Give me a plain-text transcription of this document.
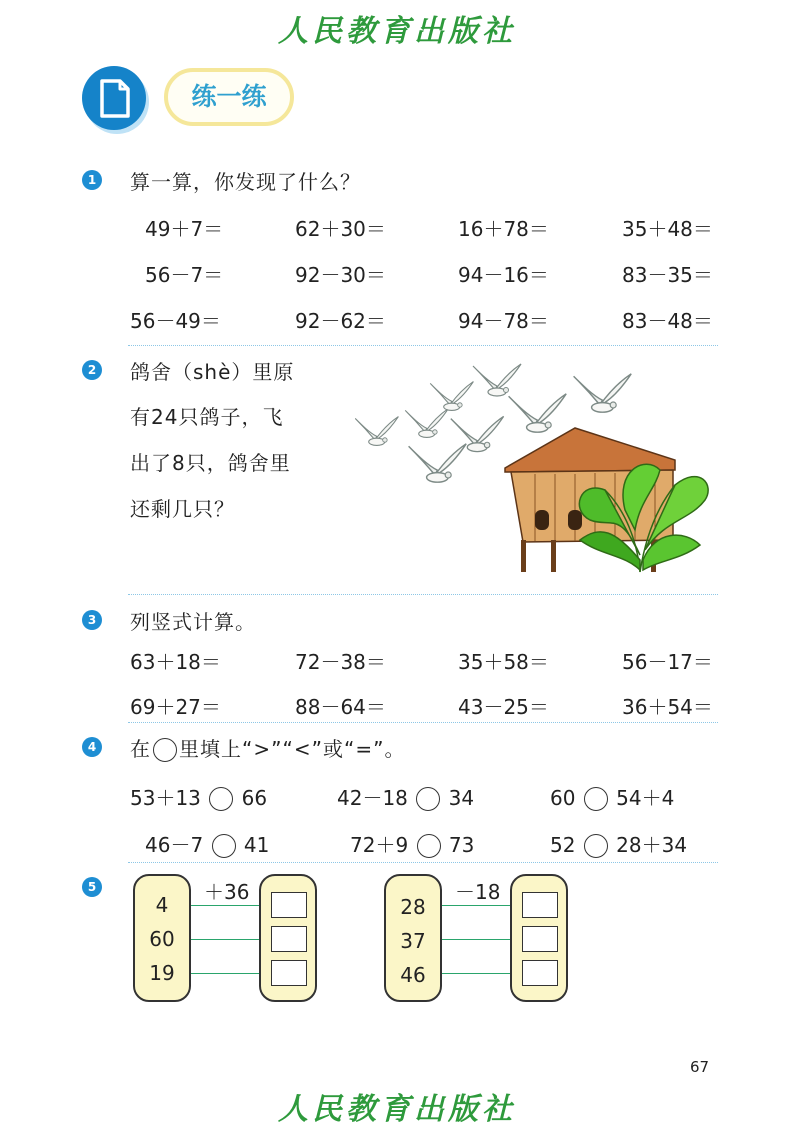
人民教育出版社
练一练
1 算一算，你发现了什么？
49＋7＝	62＋30＝	16＋78＝	35＋48＝
56－7＝	92－30＝	94－16＝	83－35＝
56－49＝	92－62＝	94－78＝	83－48＝
2 鸽舍（shè）里原
有24只鸽子，飞
出了8只，鸽舍里
还剩几只？
3 列竖式计算。
63＋18＝	72－38＝	35＋58＝	56－17＝
69＋27＝	88－64＝	43－25＝	36＋54＝
4 在 里填上“>”“<”或“=”。
53＋13 66	42－18 34	60 54＋4
46－7 41	72＋9 73	52 28＋34
5	＋36
4
60
19
－18
28
37
46
67
人民教育出版社
